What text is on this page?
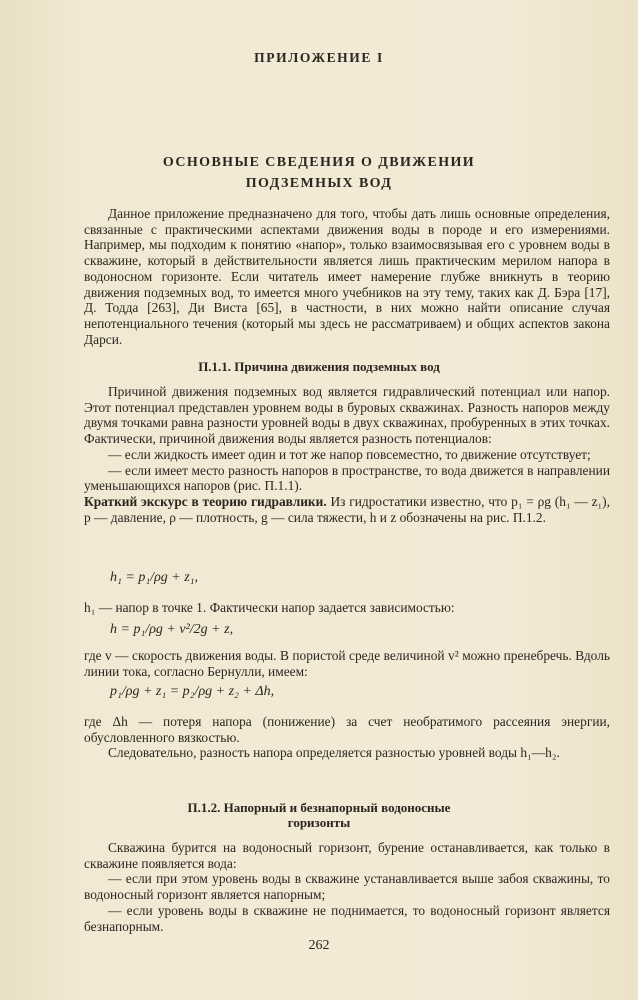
ПРИЛОЖЕНИЕ I
ОСНОВНЫЕ СВЕДЕНИЯ О ДВИЖЕНИИ
ПОДЗЕМНЫХ ВОД

Данное приложение предназначено для того, чтобы дать лишь основные определения, связанные с практическими аспектами движения воды в породе и его измерениями. Например, мы подходим к понятию «напор», только взаимосвязывая его с уровнем воды в скважине, который в действительности является лишь практическим мерилом напора в водоносном горизонте. Если читатель имеет намерение глубже вникнуть в теорию движения подземных вод, то имеется много учебников на эту тему, таких как Д. Бэра [17], Д. Тодда [263], Ди Виста [65], в частности, в них можно найти описание случая непотенциального течения (который мы здесь не рассматриваем) и общих аспектов закона Дарси.

П.1.1. Причина движения подземных вод

Причиной движения подземных вод является гидравлический потенциал или напор. Этот потенциал представлен уровнем воды в буровых скважинах. Разность напоров между двумя точками равна разности уровней воды в двух скважинах, пробуренных в этих точках. Фактически, причиной движения воды является разность потенциалов:

— если жидкость имеет один и тот же напор повсеместно, то движение отсутствует;

— если имеет место разность напоров в пространстве, то вода движется в направлении уменьшающихся напоров (рис. П.1.1).

Краткий экскурс в теорию гидравлики. Из гидростатики известно, что p₁ = ρg (h₁ — z₁), p — давление, ρ — плотность, g — сила тяжести, h и z обозначены на рис. П.1.2.

h₁ = p₁/ρg + z₁,

h₁ — напор в точке 1. Фактически напор задается зависимостью:

h = p₁/ρg + v²/2g + z,

где v — скорость движения воды. В пористой среде величиной v² можно пренебречь. Вдоль линии тока, согласно Бернулли, имеем:

p₁/ρg + z₁ = p₂/ρg + z₂ + Δh,

где Δh — потеря напора (понижение) за счет необратимого рассеяния энергии, обусловленного вязкостью.

Следовательно, разность напора определяется разностью уровней воды h₁—h₂.

П.1.2. Напорный и безнапорный водоносные
горизонты

Скважина бурится на водоносный горизонт, бурение останавливается, как только в скважине появляется вода:

— если при этом уровень воды в скважине устанавливается выше забоя скважины, то водоносный горизонт является напорным;

— если уровень воды в скважине не поднимается, то водоносный горизонт является безнапорным.

262
